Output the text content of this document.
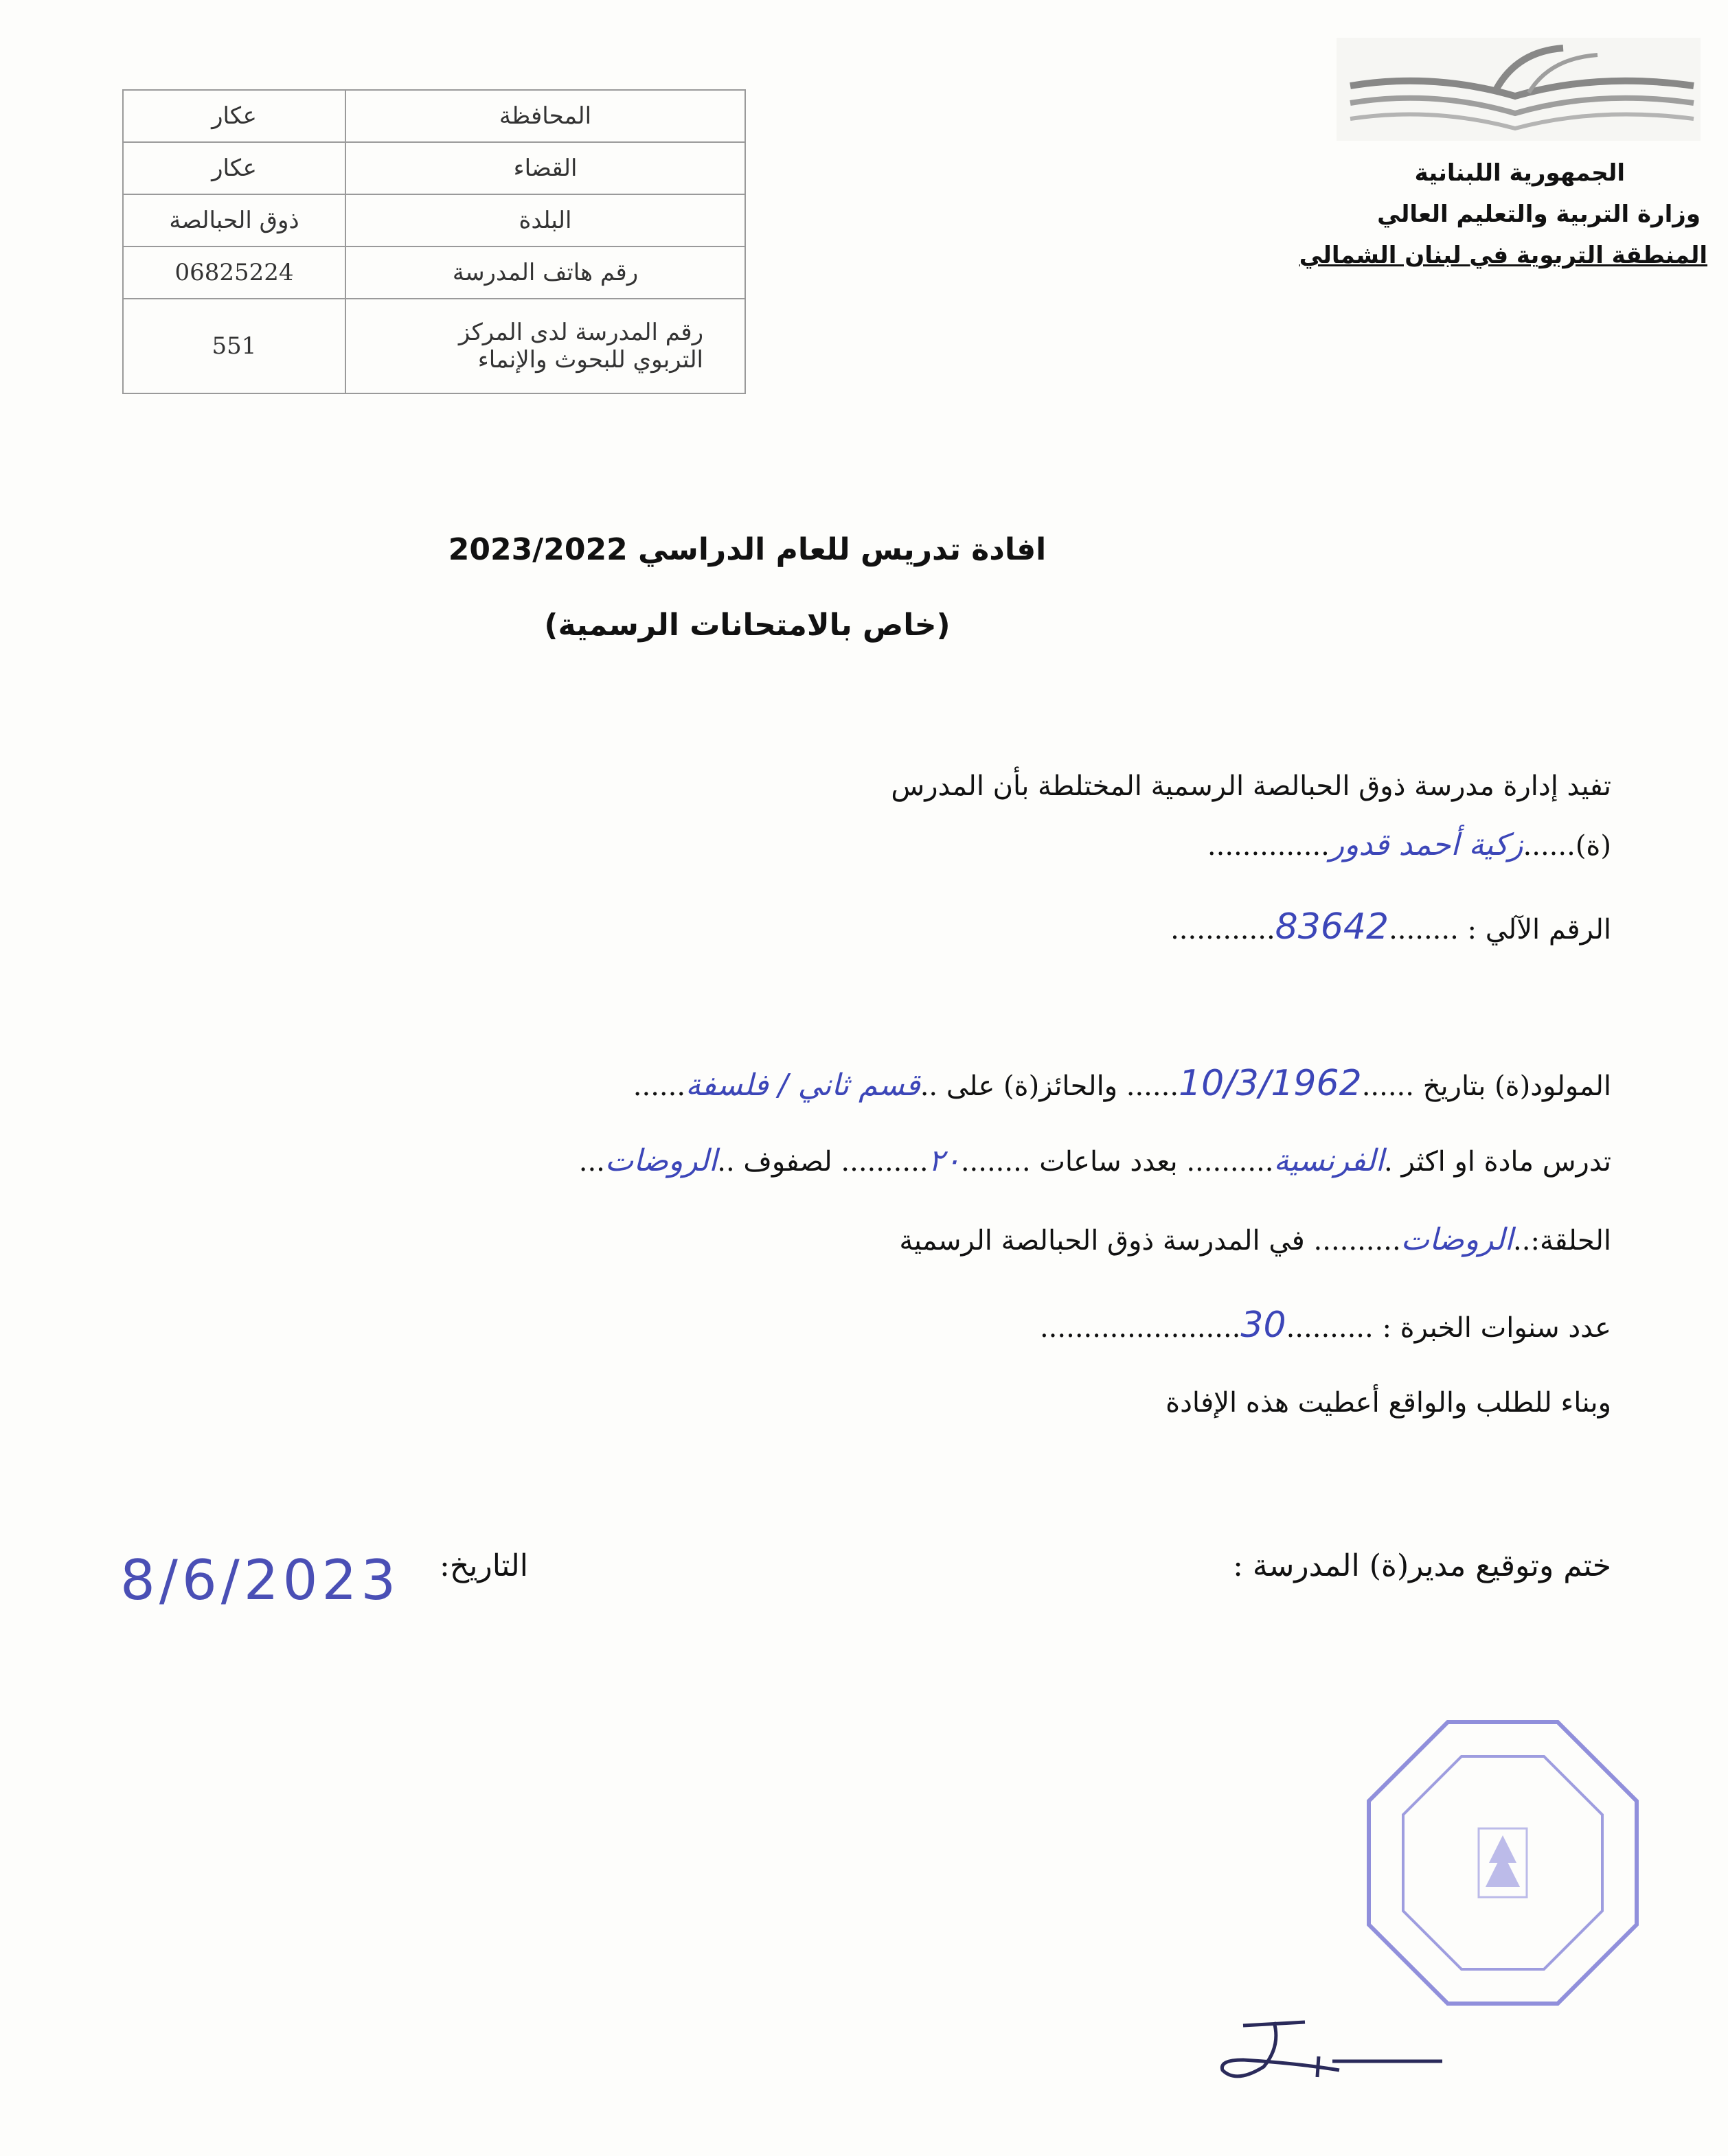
الجمهورية اللبنانية
وزارة التربية والتعليم العالي
المنطقة التربوية في لبنان الشمالي
المحافظة	عكار
القضاء	عكار
البلدة	ذوق الحبالصة
رقم هاتف المدرسة	06825224

رقم المدرسة لدى المركز
التربوي للبحوث والإنماء	551
افادة تدريس للعام الدراسي 2023/2022
(خاص بالامتحانات الرسمية)
تفيد إدارة مدرسة ذوق الحبالصة الرسمية المختلطة بأن المدرس
(ة)......زكية أحمد قدور..............
الرقم الآلي : ........83642............
المولود(ة) بتاريخ ......10/3/1962...... والحائز(ة) على ..قسم ثاني / فلسفة......
تدرس مادة او اكثر .الفرنسية.......... بعدد ساعات ........٢٠.......... لصفوف ..الروضات...
الحلقة:..الروضات.......... في المدرسة ذوق الحبالصة الرسمية
عدد سنوات الخبرة : ..........30.......................
وبناء للطلب والواقع أعطيت هذه الإفادة
ختم وتوقيع مدير(ة) المدرسة :
التاريخ:
8/6/2023
